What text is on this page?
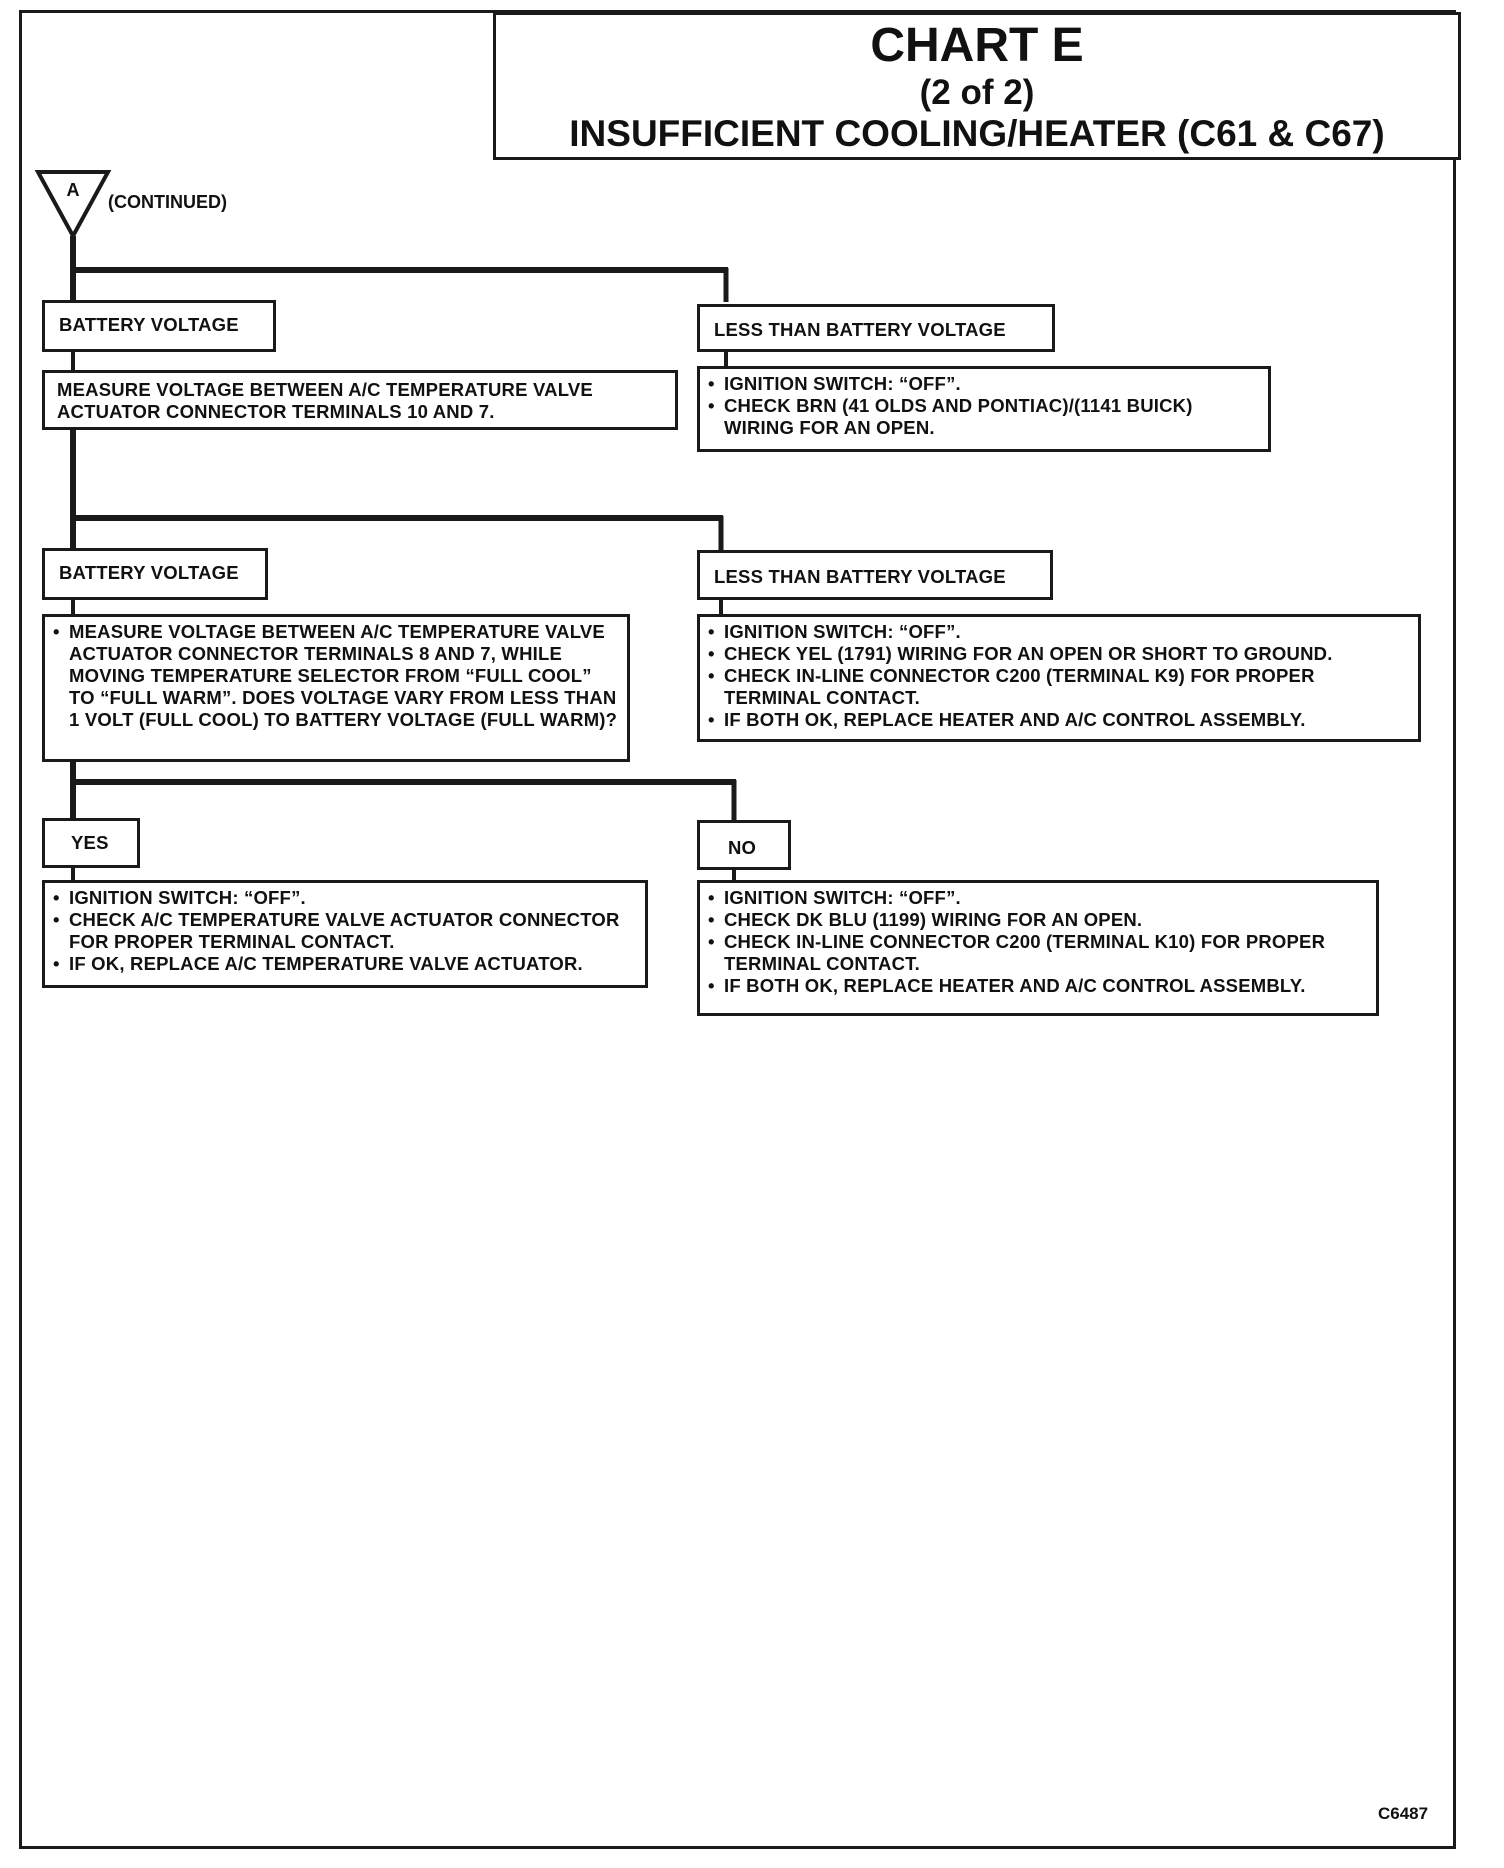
CHART E
(2 of 2)
INSUFFICIENT COOLING/HEATER (C61 & C67)
A
(CONTINUED)
BATTERY VOLTAGE
MEASURE VOLTAGE BETWEEN A/C TEMPERATURE VALVE ACTUATOR CONNECTOR TERMINALS 10 AND 7.
LESS THAN BATTERY VOLTAGE
• IGNITION SWITCH: “OFF”.
• CHECK BRN (41 OLDS AND PONTIAC)/(1141 BUICK) WIRING FOR AN OPEN.
BATTERY VOLTAGE
• MEASURE VOLTAGE BETWEEN A/C TEMPERATURE VALVE ACTUATOR CONNECTOR TERMINALS 8 AND 7, WHILE MOVING TEMPERATURE SELECTOR FROM “FULL COOL” TO “FULL WARM”. DOES VOLTAGE VARY FROM LESS THAN 1 VOLT (FULL COOL) TO BATTERY VOLTAGE (FULL WARM)?
LESS THAN BATTERY VOLTAGE
• IGNITION SWITCH: “OFF”.
• CHECK YEL (1791) WIRING FOR AN OPEN OR SHORT TO GROUND.
• CHECK IN-LINE CONNECTOR C200 (TERMINAL K9) FOR PROPER TERMINAL CONTACT.
• IF BOTH OK, REPLACE HEATER AND A/C CONTROL ASSEMBLY.
YES
• IGNITION SWITCH: “OFF”.
• CHECK A/C TEMPERATURE VALVE ACTUATOR CONNECTOR FOR PROPER TERMINAL CONTACT.
• IF OK, REPLACE A/C TEMPERATURE VALVE ACTUATOR.
NO
• IGNITION SWITCH: “OFF”.
• CHECK DK BLU (1199) WIRING FOR AN OPEN.
• CHECK IN-LINE CONNECTOR C200 (TERMINAL K10) FOR PROPER TERMINAL CONTACT.
• IF BOTH OK, REPLACE HEATER AND A/C CONTROL ASSEMBLY.
C6487
